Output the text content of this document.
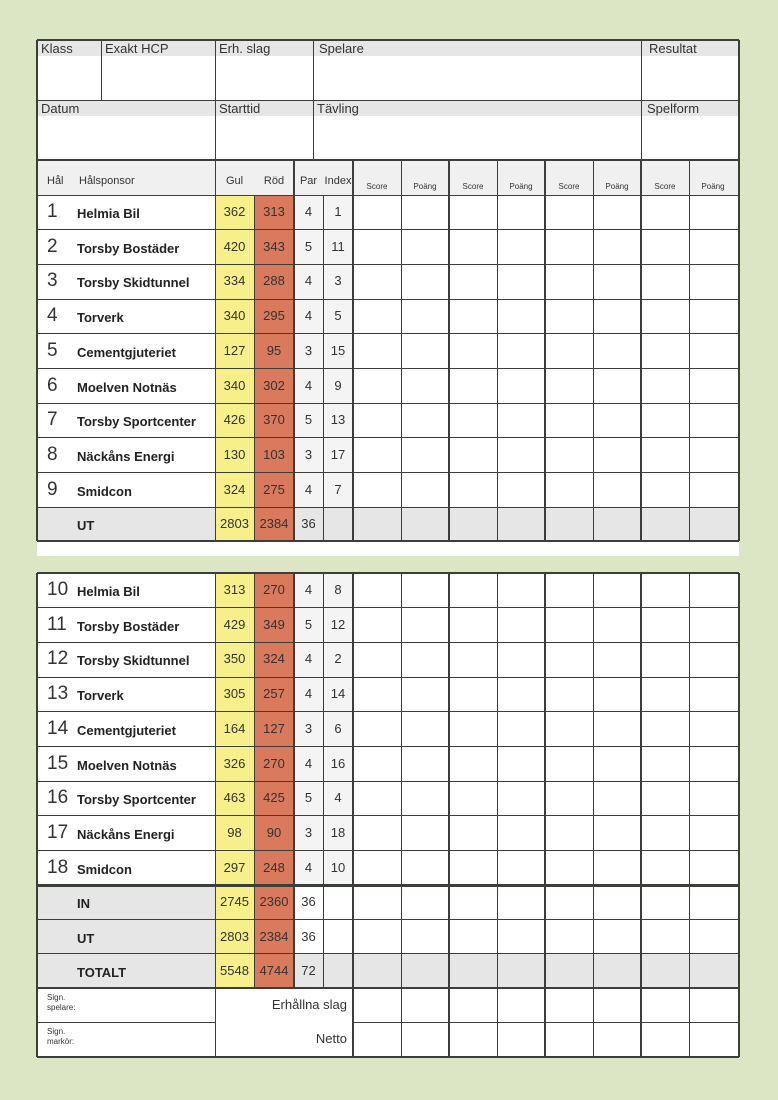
Klass	Exakt HCP	Erh. slag	Spelare	Resultat
Datum	Starttid	Tävling	Spelform
Hål	Hålsponsor	Gul	Röd	Par Index	Score	Poäng	Score	Poäng	Score	Poäng	Score	Poäng
1	Helmia Bil	362	313	4	1
2	Torsby Bostäder	420	343	5	11
3	Torsby Skidtunnel	334	288	4	3
4	Torverk	340	295	4	5
5	Cementgjuteriet	127	95	3	15
6	Moelven Notnäs	340	302	4	9
7	Torsby Sportcenter	426	370	5	13
8	Näckåns Energi	130	103	3	17
9	Smidcon	324	275	4	7
UT	2803 2384 36
10 Helmia Bil	313	270	4	8
11 Torsby Bostäder	429	349	5	12
12 Torsby Skidtunnel	350	324	4	2
13 Torverk	305	257	4	14
14 Cementgjuteriet	164	127	3	6
15 Moelven Notnäs	326	270	4	16
16 Torsby Sportcenter	463	425	5	4
17 Näckåns Energi	98	90	3	18
18 Smidcon	297	248	4	10
IN	2745 2360 36
UT	2803 2384 36
TOTALT	5548 4744 72
Sign.
spelare:
Sign.
markör:
Erhållna slag
Netto
